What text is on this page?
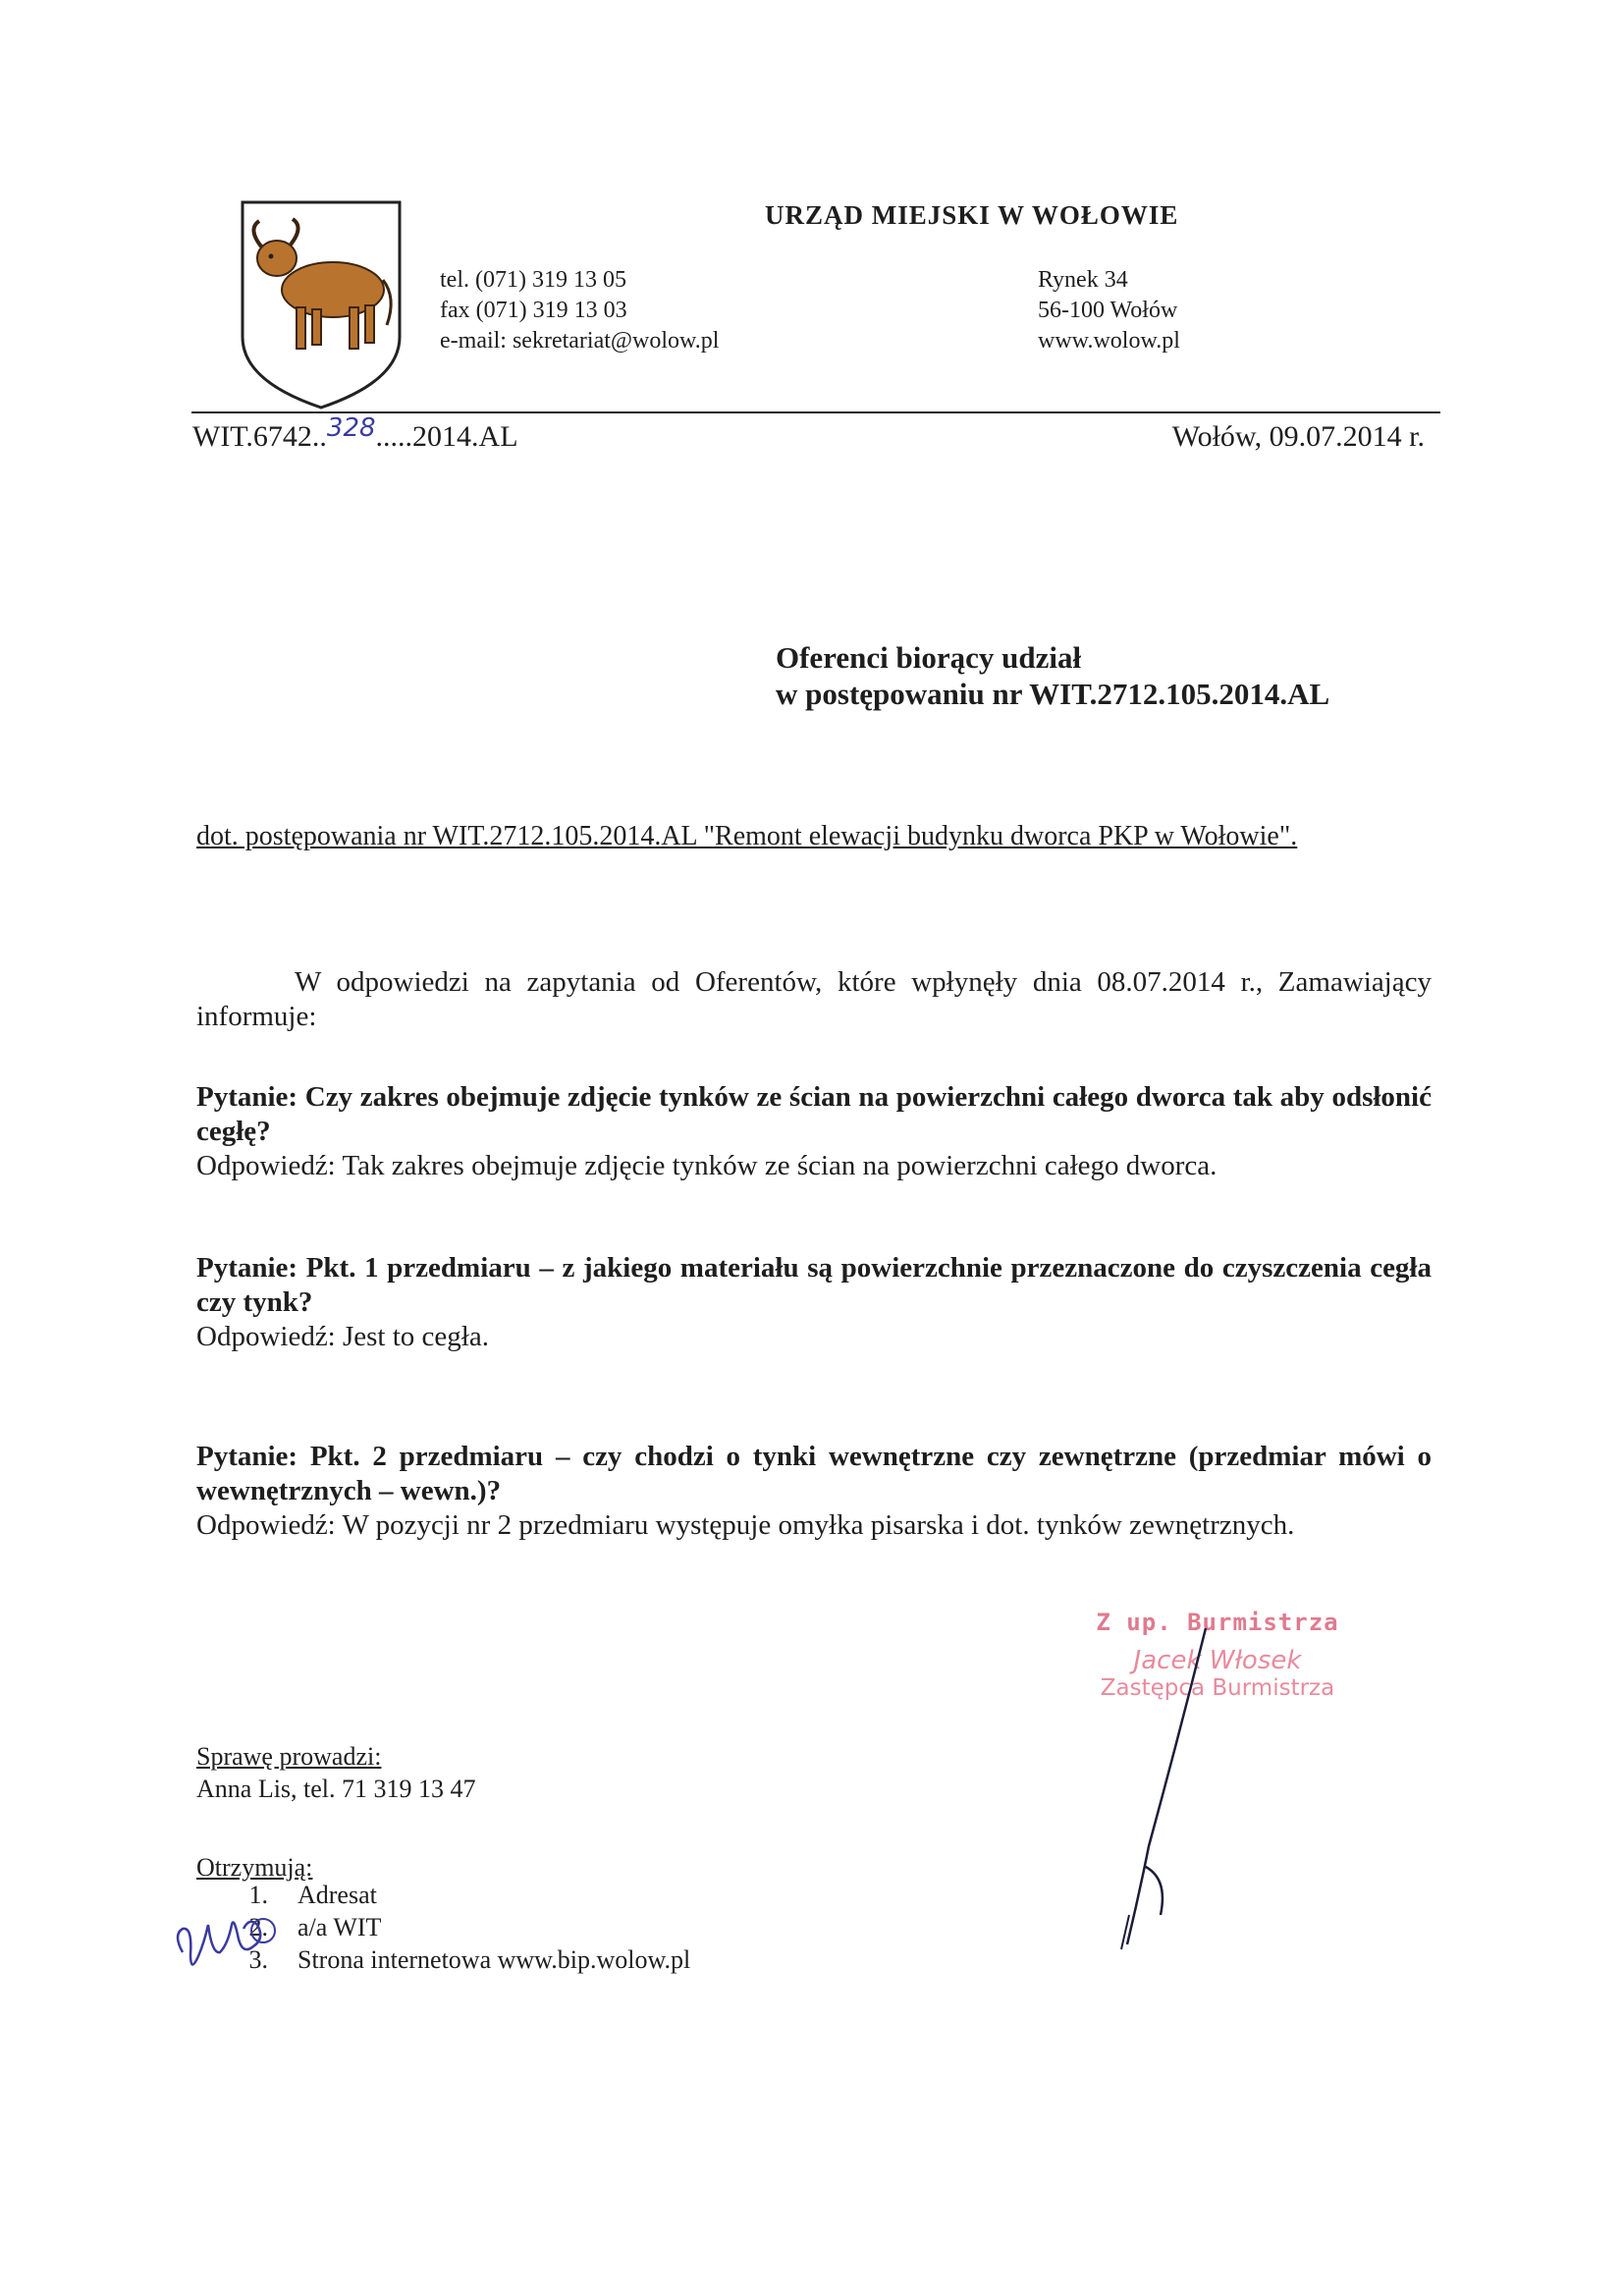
URZĄD MIEJSKI W WOŁOWIE
tel. (071) 319 13 05
fax (071) 319 13 03
e-mail: sekretariat@wolow.pl
Rynek 34
56-100 Wołów
www.wolow.pl
WIT.6742..328.....2014.AL	Wołów, 09.07.2014 r.
Oferenci biorący udział
w postępowaniu nr WIT.2712.105.2014.AL
dot. postępowania nr WIT.2712.105.2014.AL "Remont elewacji budynku dworca PKP w Wołowie".
W odpowiedzi na zapytania od Oferentów, które wpłynęły dnia 08.07.2014 r., Zamawiający informuje:
Pytanie: Czy zakres obejmuje zdjęcie tynków ze ścian na powierzchni całego dworca tak aby odsłonić cegłę?
Odpowiedź: Tak zakres obejmuje zdjęcie tynków ze ścian na powierzchni całego dworca.
Pytanie: Pkt. 1 przedmiaru – z jakiego materiału są powierzchnie przeznaczone do czyszczenia cegła czy tynk?
Odpowiedź: Jest to cegła.
Pytanie: Pkt. 2 przedmiaru – czy chodzi o tynki wewnętrzne czy zewnętrzne (przedmiar mówi o wewnętrznych – wewn.)?
Odpowiedź: W pozycji nr 2 przedmiaru występuje omyłka pisarska i dot. tynków zewnętrznych.
Z up. Burmistrza
Jacek Włosek
Zastępca Burmistrza
Sprawę prowadzi:
Anna Lis, tel. 71 319 13 47
Otrzymują:
1.	Adresat
2.	a/a WIT
3.	Strona internetowa www.bip.wolow.pl
